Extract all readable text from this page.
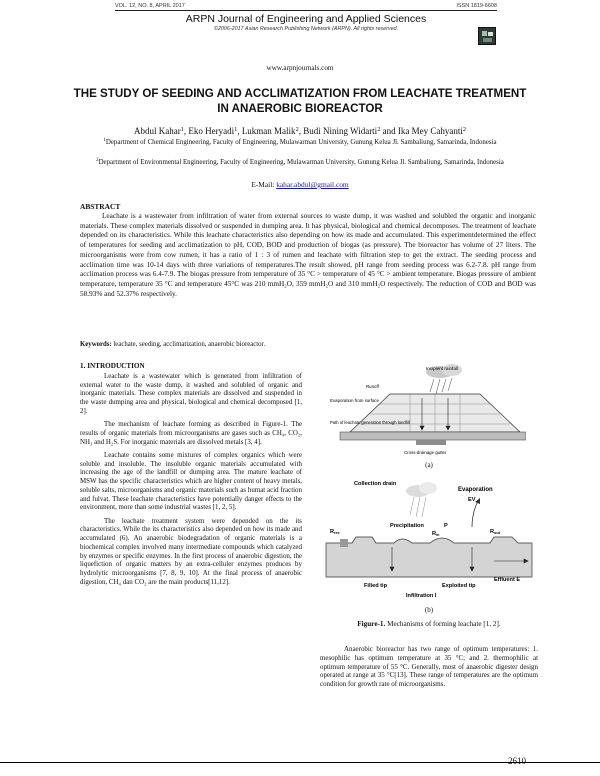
VOL. 12, NO. 8, APRIL 2017	ISSN 1819-6608
ARPN Journal of Engineering and Applied Sciences
©2006-2017 Asian Research Publishing Network (ARPN). All rights reserved.
www.arpnjournals.com
THE STUDY OF SEEDING AND ACCLIMATIZATION FROM LEACHATE TREATMENT IN ANAEROBIC BIOREACTOR
Abdul Kahar$^1$, Eko Heryadi$^1$, Lukman Malik$^2$, Budi Nining Widarti$^2$ and Ika Mey Cahyanti$^2$
$^1$Department of Chemical Engineering, Faculty of Engineering, Mulawarman University, Gunung Kelua Jl. Sambaliung, Samarinda, Indonesia
$^2$Department of Environmental Engineering, Faculty of Engineering, Mulawarman University, Gunung Kelua Jl. Sambaliung, Samarinda, Indonesia
E-Mail: kahar.abdul@gmail.com
ABSTRACT
Leachate is a wastewater from infiltration of water from external sources to waste dump, it was washed and solubled the organic and inorganic materials. These complex materials dissolved or suspended in dumping area. It has physical, biological and chemical decomposes. The treatment of leachate depended on its characteristics. While this leachate characteristics also depending on how its made and accumulated. This experimentdetermined the effect of temperatures for seeding and acclimatization to pH, COD, BOD and production of biogas (as pressure). The bioreactor has volume of 27 liters. The microorganisms were from cow rumen, it has a ratio of 1 : 3 of rumen and leachate with filtration step to get the extract. The seeding process and acclimation time was 10-14 days with three variations of temperatures.The result showed, pH range from seeding process was 6.2-7.8. pH range from acclimation process was 6.4-7.9. The biogas pressure from temperature of 35 °C > temperature of 45 °C > ambient temperature. Biogas pressure of ambient temperature, temperature 35 °C and temperature 45°C was 210 mmH₂O, 359 mmH₂O and 310 mmH₂O respectively. The reduction of COD and BOD was 58.93% and 52.37% respectively.
Keywords: leachate, seeding, acclimatization, anaerobic bioreactor.
1. INTRODUCTION

Leachate is a wastewater which is generated from infiltration of external water to the waste dump, it washed and solubled of organic and inorganic materials. These complex materials are dissolved and suspended in the waste dumping area and physical, biological and chemical decomposed [1, 2].

The mechanism of leachate forming as described in Figure-1. The results of organic materials from microorganisms are gases such as CH₄, CO₂, NH₃ and H₂S. For inorganic materials are dissolved metals [3, 4].

Leachate contains some mixtures of complex organics which were soluble and insoluble. The insoluble organic materials accumulated with increasing the age of the landfill or dumping area. The mature leachate of MSW has the specific characteristics which are higher content of heavy metals, soluble salts, microorganisms and organic materials such as humat acid fraction and fulvat. These leachate characteristics have potentially danger effects to the environment, more than some industrial wastes [1, 2, 5].

The leachate treatment system were depended on the its characteristics. While the its characteristics also depended on how its made and accumulated (6). An anaerobic biodegradation of organic materials is a biochemical complex involved many intermediate compounds which catalyzed by enzymes or specific enzymes. In the first process of anaerobic digestion, the liquefiction of organic matters by an extra-celluler enzymes produces by hydrolytic microorganisms [7, 8, 9, 10]. At the final process of anaerobic digestion, CH₄ dan CO₂ are the main products[11,12].

Incipient rainfall
Runoff
Evaporation from surface
Path of leachate generation through landfill
Cross-drainage gutter
(a)
Collection drain
Evaporation
EV
Precipitation	P
Rrec	Rin	Rout
Filled tip	Exploited tip
Effluent E
Infiltration I
(b)
Figure-1. Mechanisms of forming leachate [1, 2].
Anaerobic bioreactor has two range of optimum temperatures: 1. mesophilic has optimum temperature at 35 °C; and 2. thermophilic at optimum temperature of 55 °C. Generally, most of anaerobic digester design operated at range at 35 °C[13]. These range of temperatures are the optimum condition for growth rate of microorganisms.
2610
